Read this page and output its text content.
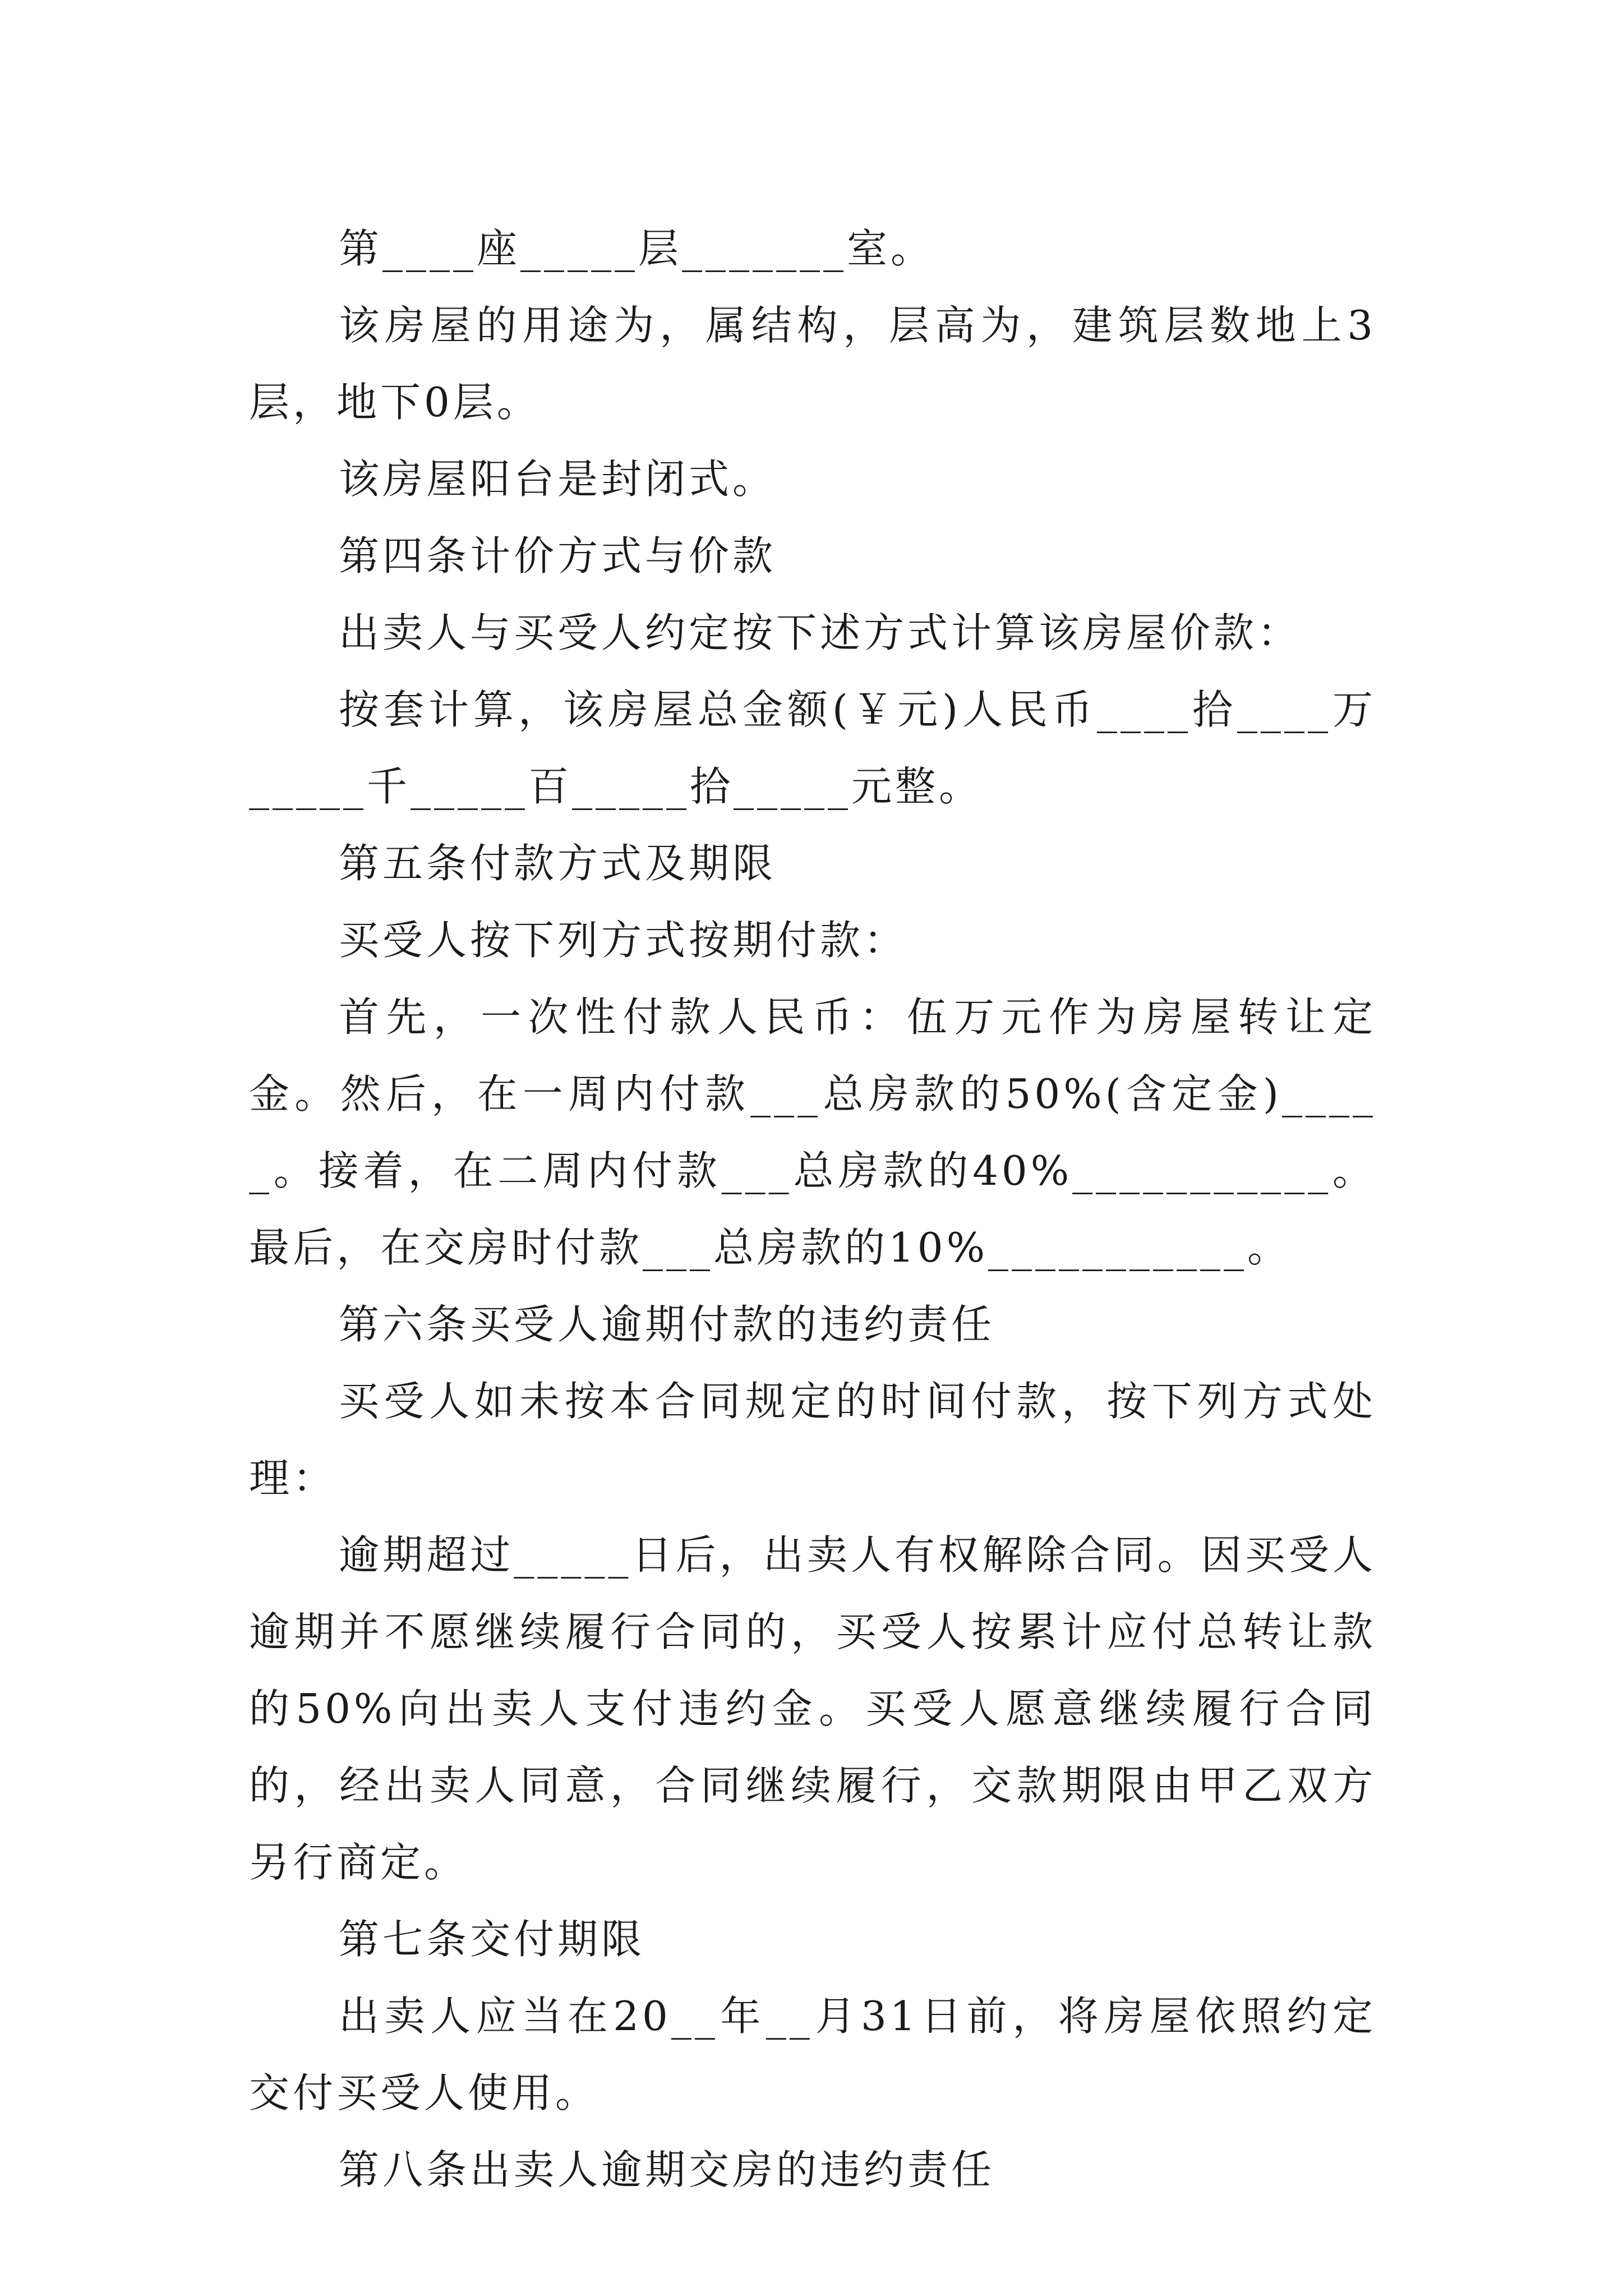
第____座_____层_______室。

该房屋的用途为，属结构，层高为，建筑层数地上3层，地下0层。

该房屋阳台是封闭式。

第四条计价方式与价款

出卖人与买受人约定按下述方式计算该房屋价款：

按套计算，该房屋总金额(￥元)人民币____拾____万_____千_____百_____拾_____元整。

第五条付款方式及期限

买受人按下列方式按期付款：

首先，一次性付款人民币：伍万元作为房屋转让定金。然后，在一周内付款___总房款的50%(含定金)_____。接着，在二周内付款___总房款的40%___________。最后，在交房时付款___总房款的10%___________。

第六条买受人逾期付款的违约责任

买受人如未按本合同规定的时间付款，按下列方式处理：

逾期超过_____日后，出卖人有权解除合同。因买受人逾期并不愿继续履行合同的，买受人按累计应付总转让款的50%向出卖人支付违约金。买受人愿意继续履行合同的，经出卖人同意，合同继续履行，交款期限由甲乙双方另行商定。

第七条交付期限

出卖人应当在20__年__月31日前，将房屋依照约定交付买受人使用。

第八条出卖人逾期交房的违约责任
